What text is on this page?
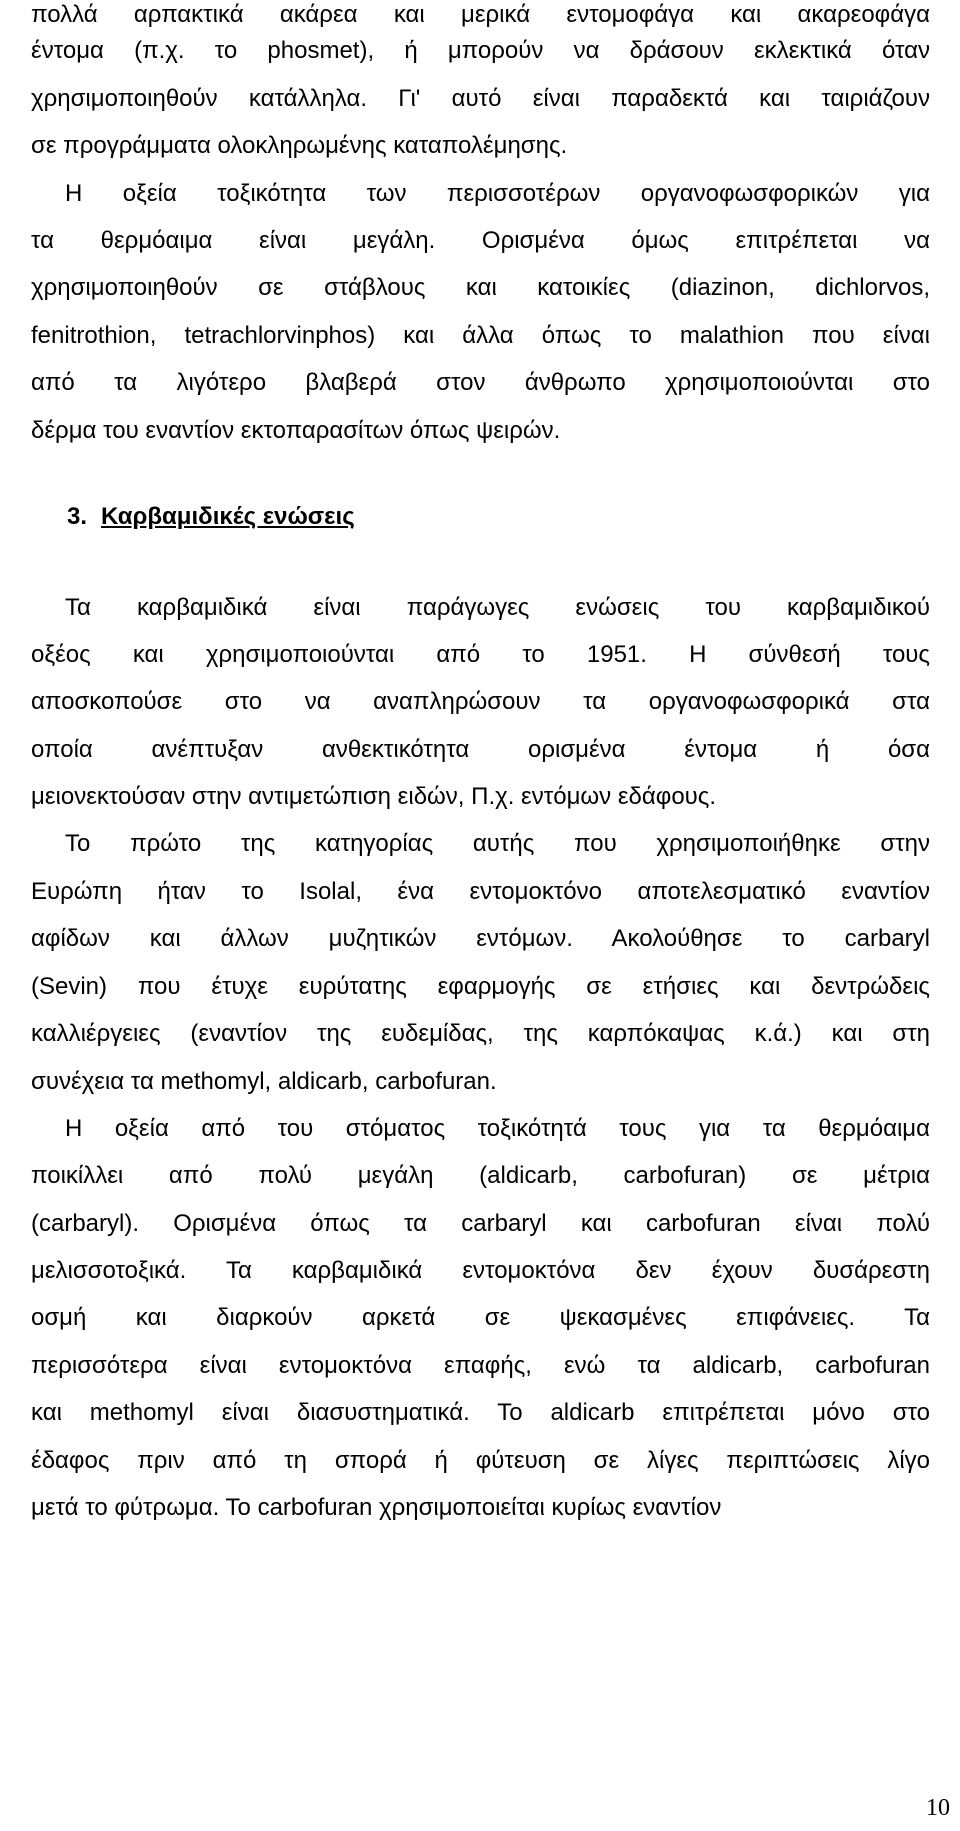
πολλά αρπακτικά ακάρεα και μερικά εντομοφάγα και ακαρεοφάγα
έντομα (π.χ. το phosmet), ή μπορούν να δράσουν εκλεκτικά όταν
χρησιμοποιηθούν κατάλληλα. Γι' αυτό είναι παραδεκτά και ταιριάζουν
σε προγράμματα ολοκληρωμένης καταπολέμησης.
Η οξεία τοξικότητα των περισσοτέρων οργανοφωσφορικών για
τα θερμόαιμα είναι μεγάλη. Ορισμένα όμως επιτρέπεται να
χρησιμοποιηθούν σε στάβλους και κατοικίες (diazinon, dichlorvos,
fenitrothion, tetrachlorvinphos) και άλλα όπως το malathion που είναι
από τα λιγότερο βλαβερά στον άνθρωπο χρησιμοποιούνται στο
δέρμα του εναντίον εκτοπαρασίτων όπως ψειρών.
3. Καρβαμιδικές ενώσεις
Τα καρβαμιδικά είναι παράγωγες ενώσεις του καρβαμιδικού
οξέος και χρησιμοποιούνται από το 1951. Η σύνθεσή τους
αποσκοπούσε στο να αναπληρώσουν τα οργανοφωσφορικά στα
οποία ανέπτυξαν ανθεκτικότητα ορισμένα έντομα ή όσα
μειονεκτούσαν στην αντιμετώπιση ειδών, Π.χ. εντόμων εδάφους.
Το πρώτο της κατηγορίας αυτής που χρησιμοποιήθηκε στην
Ευρώπη ήταν το Isolal, ένα εντομοκτόνο αποτελεσματικό εναντίον
αφίδων και άλλων μυζητικών εντόμων. Ακολούθησε το carbaryl
(Sevin) που έτυχε ευρύτατης εφαρμογής σε ετήσιες και δεντρώδεις
καλλιέργειες (εναντίον της ευδεμίδας, της καρπόκαψας κ.ά.) και στη
συνέχεια τα methomyl, aldicarb, carbofuran.
Η οξεία από του στόματος τοξικότητά τους για τα θερμόαιμα
ποικίλλει από πολύ μεγάλη (aldicarb, carbofuran) σε μέτρια
(carbaryl). Ορισμένα όπως τα carbaryl και carbofuran είναι πολύ
μελισσοτοξικά. Τα καρβαμιδικά εντομοκτόνα δεν έχουν δυσάρεστη
οσμή και διαρκούν αρκετά σε ψεκασμένες επιφάνειες. Τα
περισσότερα είναι εντομοκτόνα επαφής, ενώ τα aldicarb, carbofuran
και methomyl είναι διασυστηματικά. Το aldicarb επιτρέπεται μόνο στο
έδαφος πριν από τη σπορά ή φύτευση σε λίγες περιπτώσεις λίγο
μετά το φύτρωμα. Το carbofuran χρησιμοποιείται κυρίως εναντίον
10
